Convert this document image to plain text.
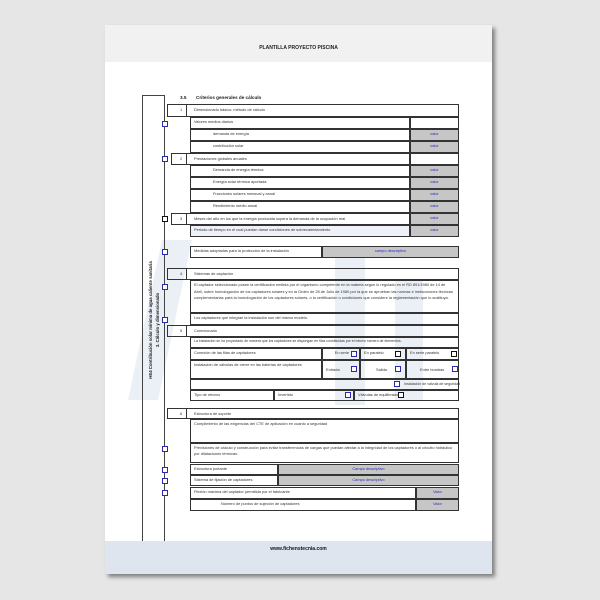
PLANTILLA PROYECTO PISCINA
HE4 Contribución solar mínima de agua caliente sanitaria 3. Cálculo y dimensionado
3.5 Criterios generales de cálculo
1	Dimensionado básico: método de cálculo
Valores medios diarios
demanda de energía	valor
contribución solar	valor
2	Prestaciones globales anuales
Demanda de energía térmica	valor
Energía solar térmica aportada	valor
Fracciones solares mensual y anual	valor
Rendimiento medio anual	valor
3	Meses del año en los que la energía producida supera la demanda de la ocupación real	valor
Periodo de tiempo en el cual puedan darse condiciones de sobrecalentamiento	valor
Medidas adoptadas para la protección de la instalación	campo descriptivo
4	Sistemas de captación
El captador seleccionado posee la certificación emitida por el organismo competente en la materia según lo regulado en el RD 891/1980 de 14 de Abril, sobre homologación de los captadores solares y en la Orden de 28 de Julio de 1980 por la que se aprueban las normas e instrucciones técnicas complementarias para la homologación de los captadores solares, o la certificación o condiciones que considere la reglamentación que lo sustituya.
Los captadores que integran la instalación son del mismo modelo.
5	Conexionado
La instalación se ha proyectado de manera que los captadores se dispongan en filas constituidas por el mismo número de elementos.
Conexión de las filas de captadores	En serie	En paralelo	En serie paralelo
Instalación de válvulas de cierre en las baterías de captadores
Entrada	Salida	Entre bombas
Instalación de válvula de seguridad
Tipo de retorno	Invertido	Válvulas de equilibrado
6	Estructura de soporte
Cumplimiento de las exigencias del CTE de aplicación en cuanto a seguridad
Previsiones de cálculo y construcción para evitar transferencias de cargas que puedan afectar a la integridad de los captadores o al circuito hidráulico por dilataciones térmicas.
Estructura portante	Campo descriptivo
Sistema de fijación de captadores	Campo descriptivo
Flexión máxima del captador permitida por el fabricante	Valor
Número de puntos de sujeción de captadores	Valor
www.fichenstecnia.com
